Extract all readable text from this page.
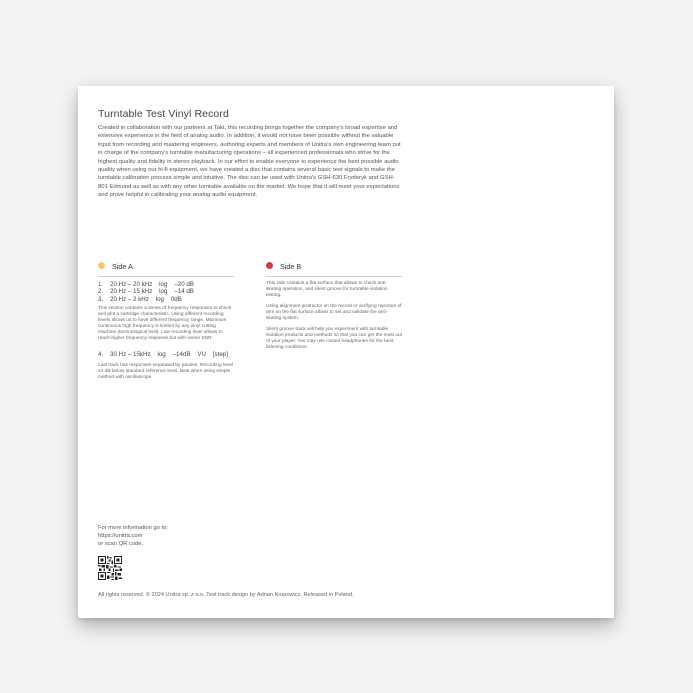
Turntable Test Vinyl Record
Created in collaboration with our partners at Takt, this recording brings together the company's broad expertise and extensive experience in the field of analog audio. In addition, it would not have been possible without the valuable input from recording and mastering engineers, authoring experts and members of Unitra's own engineering team put in charge of the company's turntable manufacturing operations – all experienced professionals who strive for the highest quality and fidelity in stereo playback. In our effort to enable everyone to experience the best possible audio quality when using our hi-fi equipment, we have created a disc that contains several basic test signals to make the turntable calibration process simple and intuitive. The disc can be used with Unitra's GSH-630 Fryderyk and GSH-801 Edmund as well as with any other turntable available on the market. We hope that it will meet your expectations and prove helpful in calibrating your analog audio equipment.
Side A	Side B
1.	20 Hz – 20 kHz    log    –20 dB
2.	20 Hz – 15 kHz    log    –14 dB
3.	20 Hz – 2 kHz    log    0dB
This section contains a series of frequency responses to check and plot a cartridge characteristic. Using different recording levels allows us to have different frequency range. Maximum continuous high frequency is limited by any vinyl cutting machine (technological limit). Low recording level allows to reach higher frequency response but with worse SNR.
4.	30 Hz – 15kHz    log    –14dB    VU    [step]
Last track has responses separated by pauses. Recording level 14 dB below standard reference level. Best when using simple method with oscilloscope.

This side contains a flat surface that allows to check anti-skating operation, and silent groove for turntable isolation testing.

Using alignment protractor on the record or verifying rejection of arm on the flat surface allows to set and validate the anti-skating system.

Silent groove track will help you experiment with turntable isolation products and methods so that you can get the most out of your player. You may use closed headphones for the best listening conditions.

For more information go to:
https://unitra.com
or scan QR code.
All rights reserved. © 2024 Unitra sp. z o.o. Test track design by Adrian Krupowicz. Released in Poland.
